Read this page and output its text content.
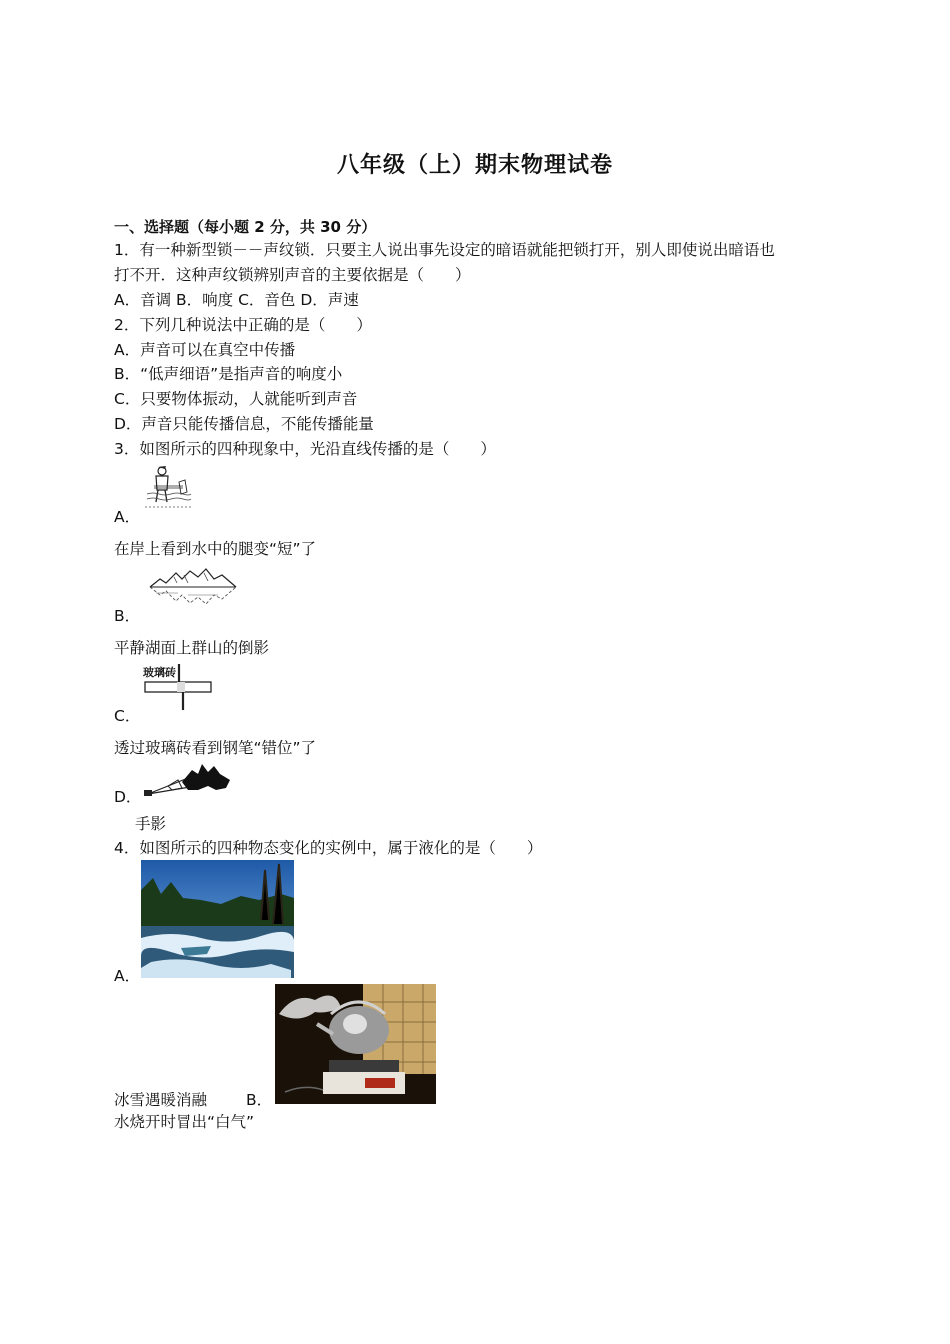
八年级（上）期末物理试卷
一、选择题（每小题 2 分，共 30 分）
1．有一种新型锁－－声纹锁．只要主人说出事先设定的暗语就能把锁打开，别人即使说出暗语也
打不开．这种声纹锁辨别声音的主要依据是（　　）
A．音调 B．响度 C．音色 D．声速
2．下列几种说法中正确的是（　　）
A．声音可以在真空中传播
B．“低声细语”是指声音的响度小
C．只要物体振动，人就能听到声音
D．声音只能传播信息，不能传播能量
3．如图所示的四种现象中，光沿直线传播的是（　　）
A．
在岸上看到水中的腿变“短”了
B．
平静湖面上群山的倒影
玻璃砖
C．
透过玻璃砖看到钢笔“错位”了
D．
手影
4．如图所示的四种物态变化的实例中，属于液化的是（　　）
A．
冰雪遇暖消融	B．
水烧开时冒出“白气”
